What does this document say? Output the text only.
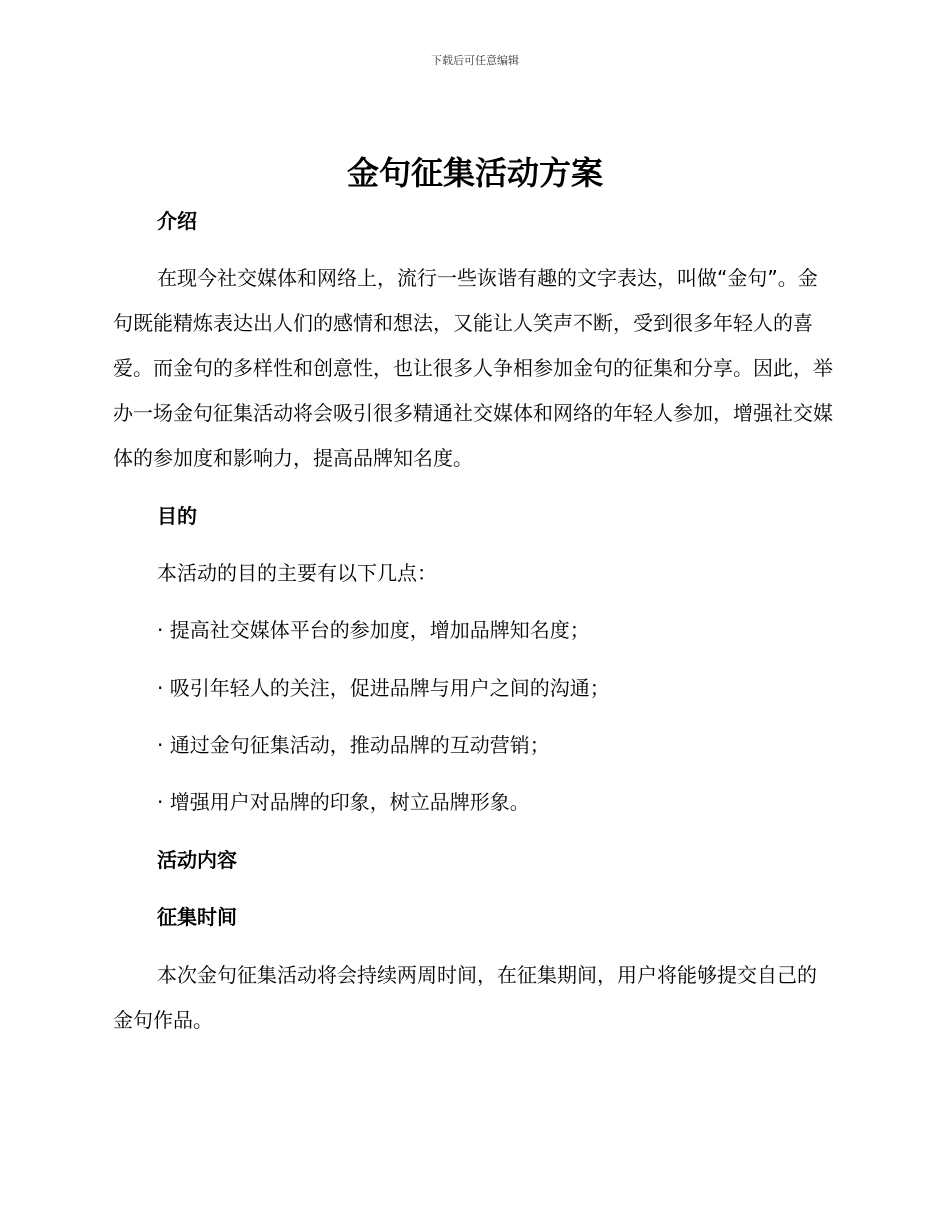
下载后可任意编辑
金句征集活动方案
介绍

在现今社交媒体和网络上，流行一些诙谐有趣的文字表达，叫做“金句”。金句既能精炼表达出人们的感情和想法，又能让人笑声不断，受到很多年轻人的喜爱。而金句的多样性和创意性，也让很多人争相参加金句的征集和分享。因此，举办一场金句征集活动将会吸引很多精通社交媒体和网络的年轻人参加，增强社交媒体的参加度和影响力，提高品牌知名度。

目的
本活动的目的主要有以下几点：
· 提高社交媒体平台的参加度，增加品牌知名度；
· 吸引年轻人的关注，促进品牌与用户之间的沟通；
· 通过金句征集活动，推动品牌的互动营销；
· 增强用户对品牌的印象，树立品牌形象。
活动内容
征集时间

本次金句征集活动将会持续两周时间，在征集期间，用户将能够提交自己的金句作品。
